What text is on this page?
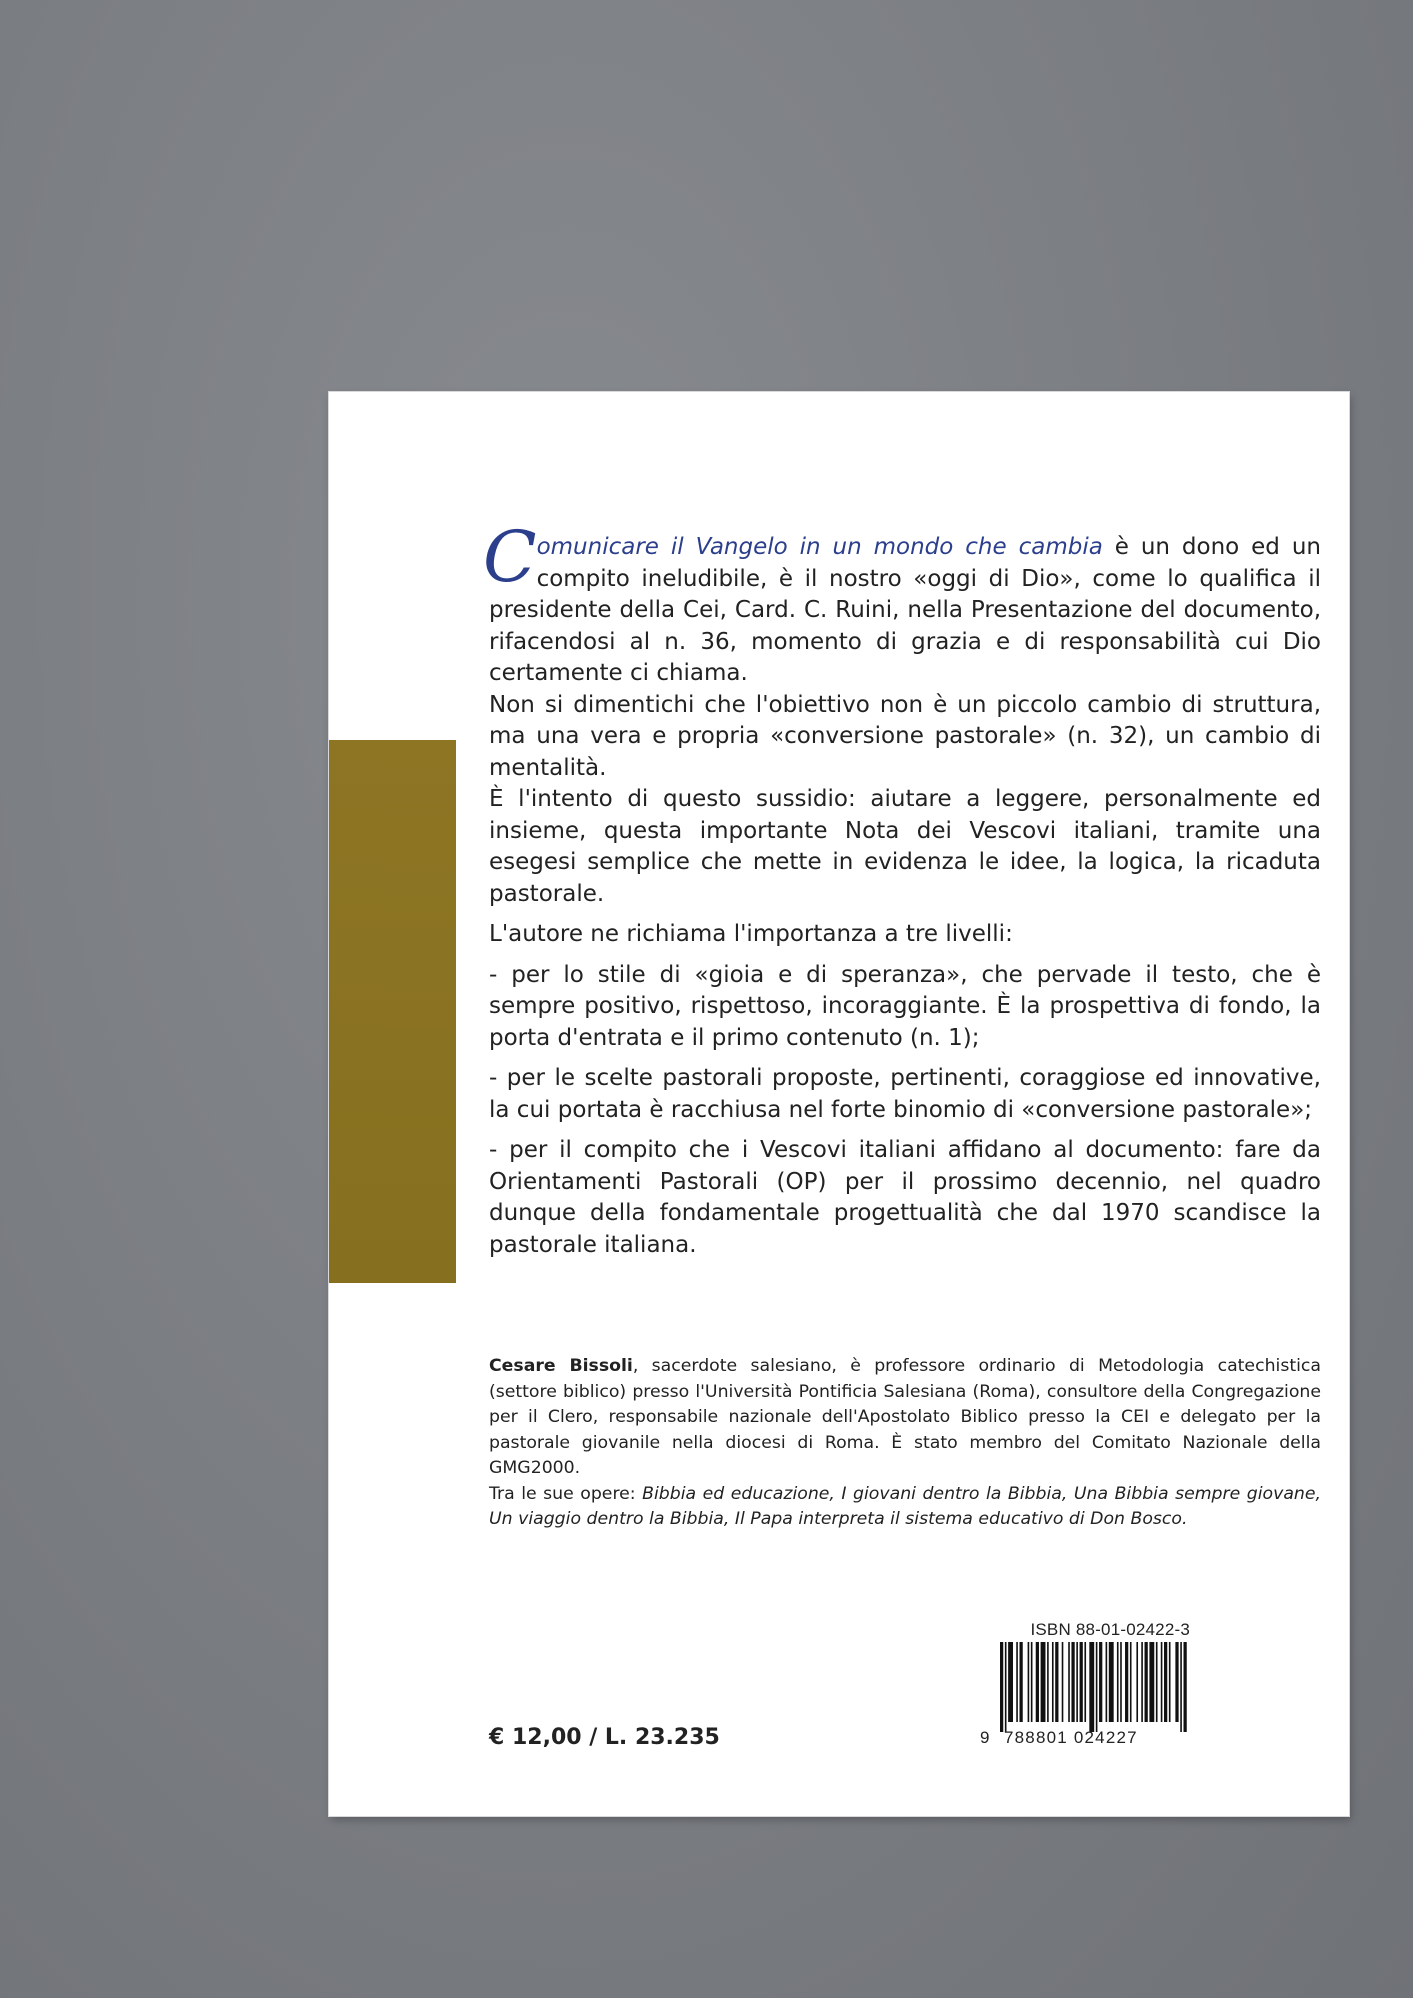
Comunicare il Vangelo in un mondo che cambia è un dono ed un compito ineludibile, è il nostro «oggi di Dio», come lo qualifica il presidente della Cei, Card. C. Ruini, nella Presentazione del documento, rifacendosi al n. 36, momento di grazia e di responsabilità cui Dio certamente ci chiama.

Non si dimentichi che l'obiettivo non è un piccolo cambio di struttura, ma una vera e propria «conversione pastorale» (n. 32), un cambio di mentalità.

È l'intento di questo sussidio: aiutare a leggere, personalmente ed insieme, questa importante Nota dei Vescovi italiani, tramite una esegesi semplice che mette in evidenza le idee, la logica, la ricaduta pastorale.

L'autore ne richiama l'importanza a tre livelli:

- per lo stile di «gioia e di speranza», che pervade il testo, che è sempre positivo, rispettoso, incoraggiante. È la prospettiva di fondo, la porta d'entrata e il primo contenuto (n. 1);

- per le scelte pastorali proposte, pertinenti, coraggiose ed innovative, la cui portata è racchiusa nel forte binomio di «conversione pastorale»;

- per il compito che i Vescovi italiani affidano al documento: fare da Orientamenti Pastorali (OP) per il prossimo decennio, nel quadro dunque della fondamentale progettualità che dal 1970 scandisce la pastorale italiana.

Cesare Bissoli, sacerdote salesiano, è professore ordinario di Metodologia catechistica (settore biblico) presso l'Università Pontificia Salesiana (Roma), consultore della Congregazione per il Clero, responsabile nazionale dell'Apostolato Biblico presso la CEI e delegato per la pastorale giovanile nella diocesi di Roma. È stato membro del Comitato Nazionale della GMG2000.
Tra le sue opere: Bibbia ed educazione, I giovani dentro la Bibbia, Una Bibbia sempre giovane, Un viaggio dentro la Bibbia, Il Papa interpreta il sistema educativo di Don Bosco.

€ 12,00 / L. 23.235
ISBN 88-01-02422-3
9 788801 024227
